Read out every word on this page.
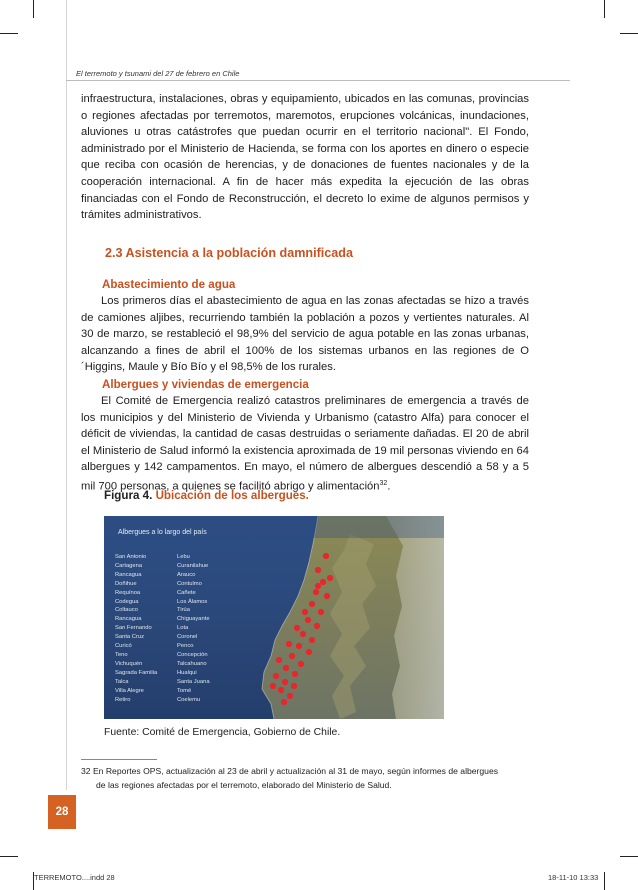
El terremoto y tsunami del 27 de febrero en Chile

infraestructura, instalaciones, obras y equipamiento, ubicados en las comunas, provincias o regiones afectadas por terremotos, maremotos, erupciones volcánicas, inundaciones, aluviones u otras catástrofes que puedan ocurrir en el territorio nacional". El Fondo, administrado por el Ministerio de Hacienda, se forma con los aportes en dinero o especie que reciba con ocasión de herencias, y de donaciones de fuentes nacionales y de la cooperación internacional. A fin de hacer más expedita la ejecución de las obras financiadas con el Fondo de Reconstrucción, el decreto lo exime de algunos permisos y trámites administrativos.

2.3 Asistencia a la población damnificada
Abastecimiento de agua

Los primeros días el abastecimiento de agua en las zonas afectadas se hizo a través de camiones aljibes, recurriendo también la población a pozos y vertientes naturales. Al 30 de marzo, se restableció el 98,9% del servicio de agua potable en las zonas urbanas, alcanzando a fines de abril el 100% de los sistemas urbanos en las regiones de O´Higgins, Maule y Bío Bío y el 98,5% de los rurales.

Albergues y viviendas de emergencia

El Comité de Emergencia realizó catastros preliminares de emergencia a través de los municipios y del Ministerio de Vivienda y Urbanismo (catastro Alfa) para conocer el déficit de viviendas, la cantidad de casas destruidas o seriamente dañadas. El 20 de abril el Ministerio de Salud informó la existencia aproximada de 19 mil personas viviendo en 64 albergues y 142 campamentos. En mayo, el número de albergues descendió a 58 y a 5 mil 700 personas, a quienes se facilitó abrigo y alimentación$^{32}$.

Figura 4. Ubicación de los albergues.
Albergues a lo largo del país
San Antonio
Cartagena
Rancagua
Doñihue
Requínoa
Codegua
Coltauco
Rancagua
San Fernando
Santa Cruz
Curicó
Teno
Vichuquén
Sagrada Familia
Talca
Villa Alegre
Retiro
Lebu
Curanilahue
Arauco
Contulmo
Cañete
Los Álamos
Tirúa
Chiguayante
Lota
Coronel
Penco
Concepción
Talcahuano
Hualqui
Santa Juana
Tomé
Coelemu
Fuente: Comité de Emergencia, Gobierno de Chile.
32 En Reportes OPS, actualización al 23 de abril y actualización al 31 de mayo, según informes de albergues
de las regiones afectadas por el terremoto, elaborado del Ministerio de Salud.
28
TERREMOTO....indd 28	18-11-10 13:33
